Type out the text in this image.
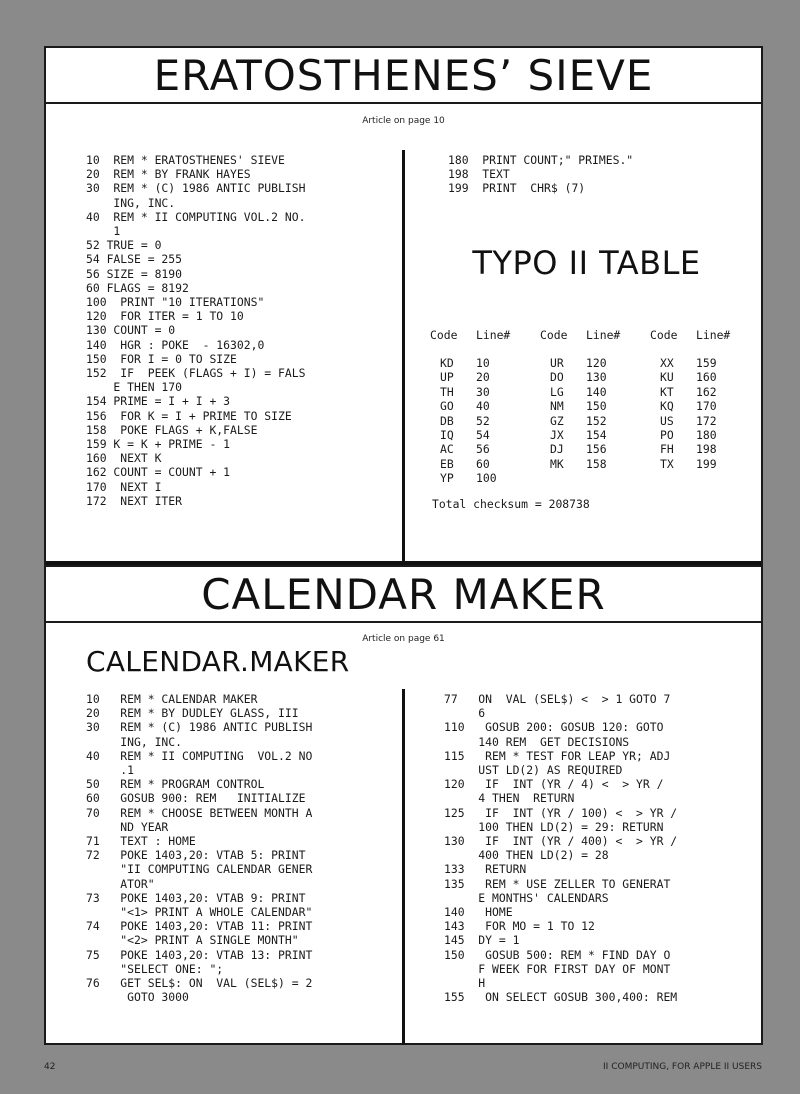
ERATOSTHENES’ SIEVE
Article on page 10
10  REM * ERATOSTHENES' SIEVE
20  REM * BY FRANK HAYES
30  REM * (C) 1986 ANTIC PUBLISH
ING, INC.
40  REM * II COMPUTING VOL.2 NO.
1
52 TRUE = 0
54 FALSE = 255
56 SIZE = 8190
60 FLAGS = 8192
100  PRINT "10 ITERATIONS"
120  FOR ITER = 1 TO 10
130 COUNT = 0
140  HGR : POKE  - 16302,0
150  FOR I = 0 TO SIZE
152  IF  PEEK (FLAGS + I) = FALS
E THEN 170
154 PRIME = I + I + 3
156  FOR K = I + PRIME TO SIZE
158  POKE FLAGS + K,FALSE
159 K = K + PRIME - 1
160  NEXT K
162 COUNT = COUNT + 1
170  NEXT I
172  NEXT ITER
180  PRINT COUNT;" PRIMES."
198  TEXT
199  PRINT  CHR$ (7)
TYPO II TABLE
Code	Line#	Code	Line#	Code	Line#
KD	10	UR	120	XX	159
UP	20	DO	130	KU	160
TH	30	LG	140	KT	162
GO	40	NM	150	KQ	170
DB	52	GZ	152	US	172
IQ	54	JX	154	PO	180
AC	56	DJ	156	FH	198
EB	60	MK	158	TX	199
YP	100
Total checksum = 208738
CALENDAR MAKER
Article on page 61
CALENDAR.MAKER
10   REM * CALENDAR MAKER
20   REM * BY DUDLEY GLASS, III
30   REM * (C) 1986 ANTIC PUBLISH
ING, INC.
40   REM * II COMPUTING  VOL.2 NO
.1
50   REM * PROGRAM CONTROL
60   GOSUB 900: REM   INITIALIZE
70   REM * CHOOSE BETWEEN MONTH A
ND YEAR
71   TEXT : HOME
72   POKE 1403,20: VTAB 5: PRINT
"II COMPUTING CALENDAR GENER
ATOR"
73   POKE 1403,20: VTAB 9: PRINT
"<1> PRINT A WHOLE CALENDAR"
74   POKE 1403,20: VTAB 11: PRINT
"<2> PRINT A SINGLE MONTH"
75   POKE 1403,20: VTAB 13: PRINT
"SELECT ONE: ";
76   GET SEL$: ON  VAL (SEL$) = 2
GOTO 3000
77   ON  VAL (SEL$) <  > 1 GOTO 7
6
110   GOSUB 200: GOSUB 120: GOTO
140 REM  GET DECISIONS
115   REM * TEST FOR LEAP YR; ADJ
UST LD(2) AS REQUIRED
120   IF  INT (YR / 4) <  > YR /
4 THEN  RETURN
125   IF  INT (YR / 100) <  > YR /
100 THEN LD(2) = 29: RETURN
130   IF  INT (YR / 400) <  > YR /
400 THEN LD(2) = 28
133   RETURN
135   REM * USE ZELLER TO GENERAT
E MONTHS' CALENDARS
140   HOME
143   FOR MO = 1 TO 12
145  DY = 1
150   GOSUB 500: REM * FIND DAY O
F WEEK FOR FIRST DAY OF MONT
H
155   ON SELECT GOSUB 300,400: REM
42	II COMPUTING, FOR APPLE II USERS
